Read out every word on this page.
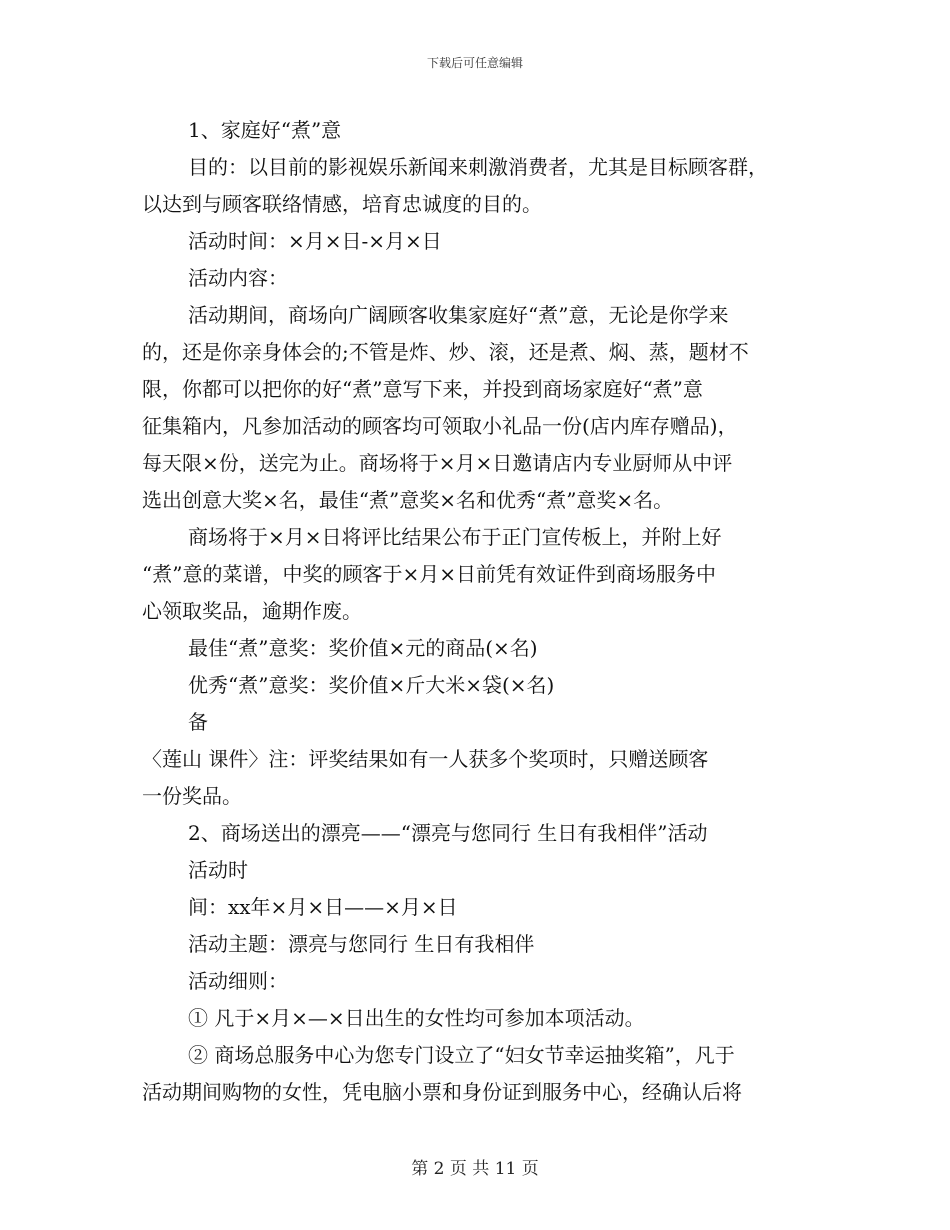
下载后可任意编辑
1、家庭好“煮”意
目的：以目前的影视娱乐新闻来刺激消费者，尤其是目标顾客群，
以达到与顾客联络情感，培育忠诚度的目的。
活动时间：×月×日-×月×日
活动内容：
活动期间，商场向广阔顾客收集家庭好“煮”意，无论是你学来
的，还是你亲身体会的;不管是炸、炒、滚，还是煮、焖、蒸，题材不
限，你都可以把你的好“煮”意写下来，并投到商场家庭好“煮”意
征集箱内，凡参加活动的顾客均可领取小礼品一份(店内库存赠品)，
每天限×份，送完为止。商场将于×月×日邀请店内专业厨师从中评
选出创意大奖×名，最佳“煮”意奖×名和优秀“煮”意奖×名。
商场将于×月×日将评比结果公布于正门宣传板上，并附上好
“煮”意的菜谱，中奖的顾客于×月×日前凭有效证件到商场服务中
心领取奖品，逾期作废。
最佳“煮”意奖：奖价值×元的商品(×名)
优秀“煮”意奖：奖价值×斤大米×袋(×名)
备
〈莲山 课件〉注：评奖结果如有一人获多个奖项时，只赠送顾客
一份奖品。
2、商场送出的漂亮——“漂亮与您同行 生日有我相伴”活动
活动时
间：xx年×月×日——×月×日
活动主题：漂亮与您同行 生日有我相伴
活动细则：
① 凡于×月×—×日出生的女性均可参加本项活动。
② 商场总服务中心为您专门设立了“妇女节幸运抽奖箱”，凡于
活动期间购物的女性，凭电脑小票和身份证到服务中心，经确认后将
第 2 页 共 11 页
